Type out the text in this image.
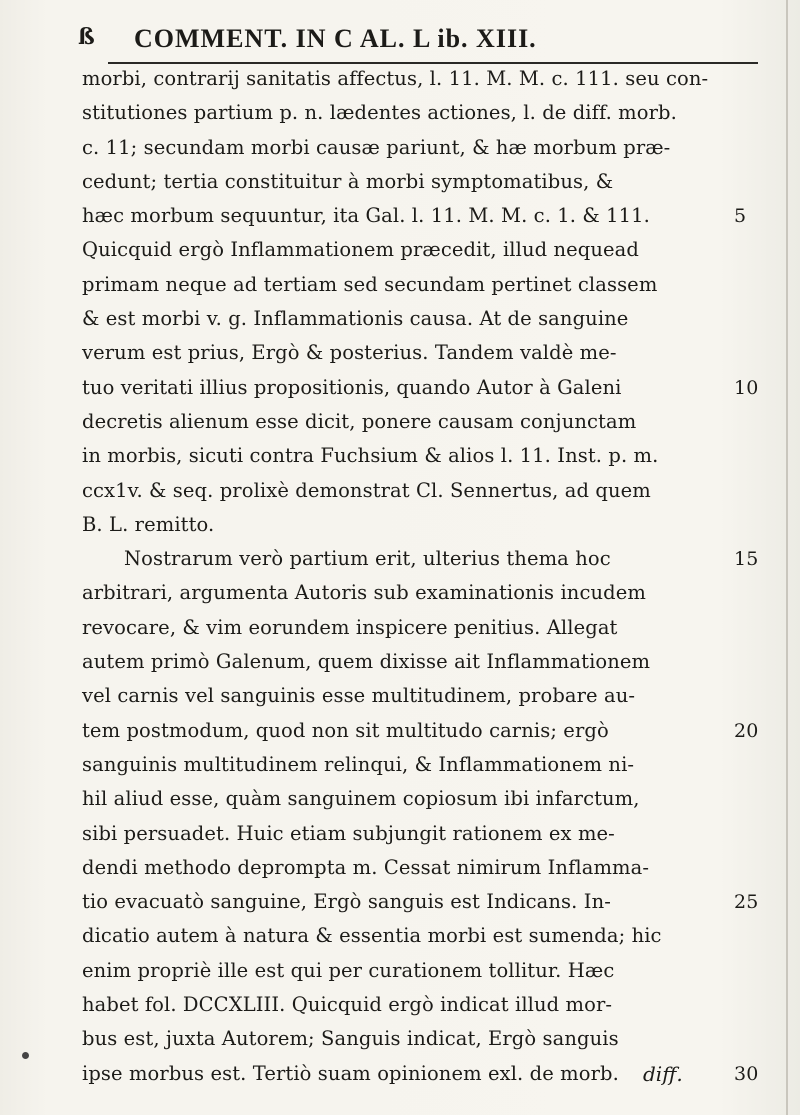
ß COMMENT. IN C AL. L ib. XIII.
morbi, contrarij sanitatis affectus, l. 11. M. M. c. 111. seu con-
stitutiones partium p. n. lædentes actiones, l. de diff. morb.
c. 11; secundam morbi causæ pariunt, & hæ morbum præ-
cedunt; tertia constituitur à morbi symptomatibus, &
hæc morbum sequuntur, ita Gal. l. 11. M. M. c. 1. & 111.	5
Quicquid ergò Inflammationem præcedit, illud nequead
primam neque ad tertiam sed secundam pertinet classem
& est morbi v. g. Inflammationis causa. At de sanguine
verum est prius, Ergò & posterius. Tandem valdè me-
tuo veritati illius propositionis, quando Autor à Galeni	10
decretis alienum esse dicit, ponere causam conjunctam
in morbis, sicuti contra Fuchsium & alios l. 11. Inst. p. m.
ccx1v. & seq. prolixè demonstrat Cl. Sennertus, ad quem
B. L. remitto.
Nostrarum verò partium erit, ulterius thema hoc	15
arbitrari, argumenta Autoris sub examinationis incudem
revocare, & vim eorundem inspicere penitius. Allegat
autem primò Galenum, quem dixisse ait Inflammationem
vel carnis vel sanguinis esse multitudinem, probare au-
tem postmodum, quod non sit multitudo carnis; ergò	20
sanguinis multitudinem relinqui, & Inflammationem ni-
hil aliud esse, quàm sanguinem copiosum ibi infarctum,
sibi persuadet. Huic etiam subjungit rationem ex me-
dendi methodo deprompta m. Cessat nimirum Inflamma-
tio evacuatò sanguine, Ergò sanguis est Indicans. In-	25
dicatio autem à natura & essentia morbi est sumenda; hic
enim propriè ille est qui per curationem tollitur. Hæc
habet fol. DCCXLIII. Quicquid ergò indicat illud mor-
bus est, juxta Autorem; Sanguis indicat, Ergò sanguis
ipse morbus est. Tertiò suam opinionem exl. de morb.	30
diff.
